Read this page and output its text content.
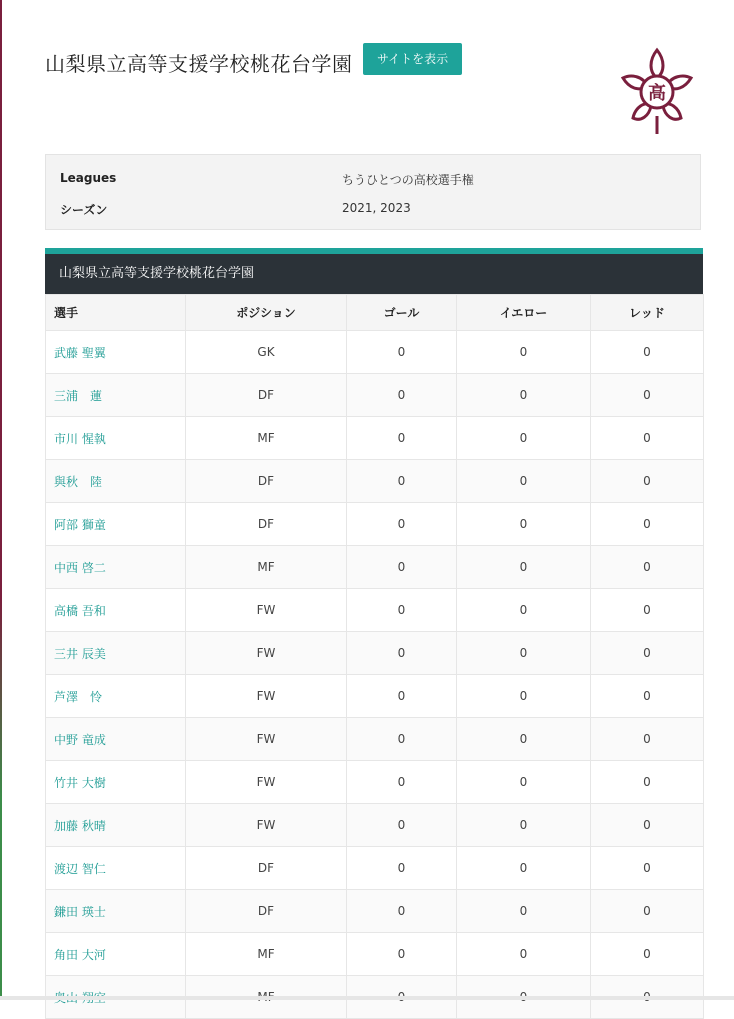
山梨県立高等支援学校桃花台学園	サイトを表示
高
Leagues	ちうひとつの高校選手権
シーズン	2021, 2023
山梨県立高等支援学校桃花台学園
選手	ポジション	ゴール	イエロー	レッド
武藤 聖翼	GK	0	0	0
三浦　蓮	DF	0	0	0
市川 惺執	MF	0	0	0
與秋　陸	DF	0	0	0
阿部 獅童	DF	0	0	0
中西 啓二	MF	0	0	0
高橋 吾和	FW	0	0	0
三井 辰美	FW	0	0	0
芦澤　怜	FW	0	0	0
中野 竜成	FW	0	0	0
竹井 大樹	FW	0	0	0
加藤 秋晴	FW	0	0	0
渡辺 智仁	DF	0	0	0
鎌田 瑛士	DF	0	0	0
角田 大河	MF	0	0	0
